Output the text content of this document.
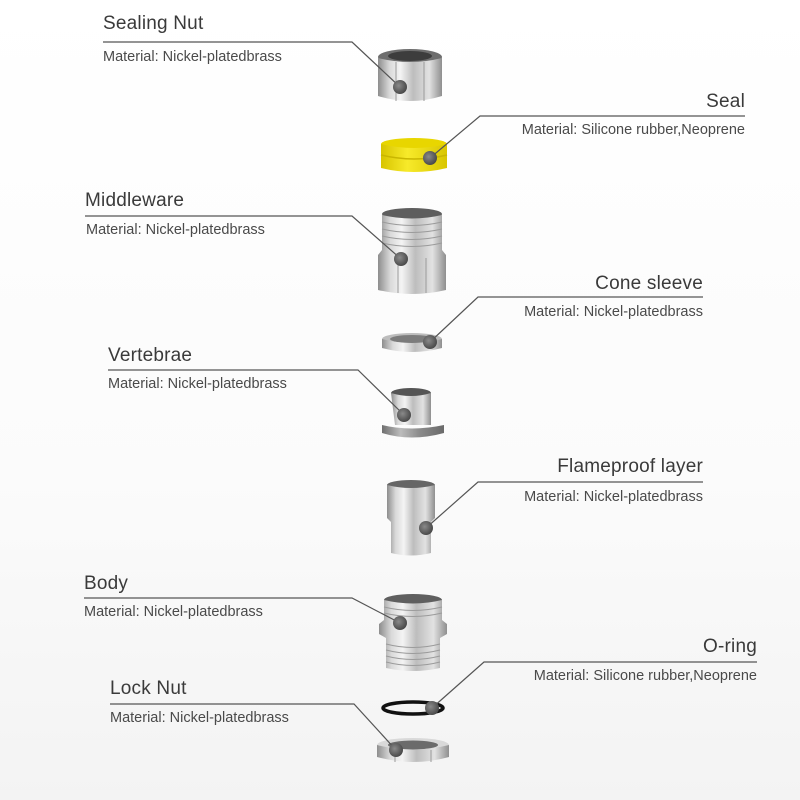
Sealing Nut
Material: Nickel-platedbrass
Seal
Material: Silicone rubber,Neoprene
Middleware
Material: Nickel-platedbrass
Cone sleeve
Material: Nickel-platedbrass
Vertebrae
Material: Nickel-platedbrass
Flameproof layer
Material: Nickel-platedbrass
Body
Material: Nickel-platedbrass
O-ring
Material: Silicone rubber,Neoprene
Lock Nut
Material: Nickel-platedbrass
